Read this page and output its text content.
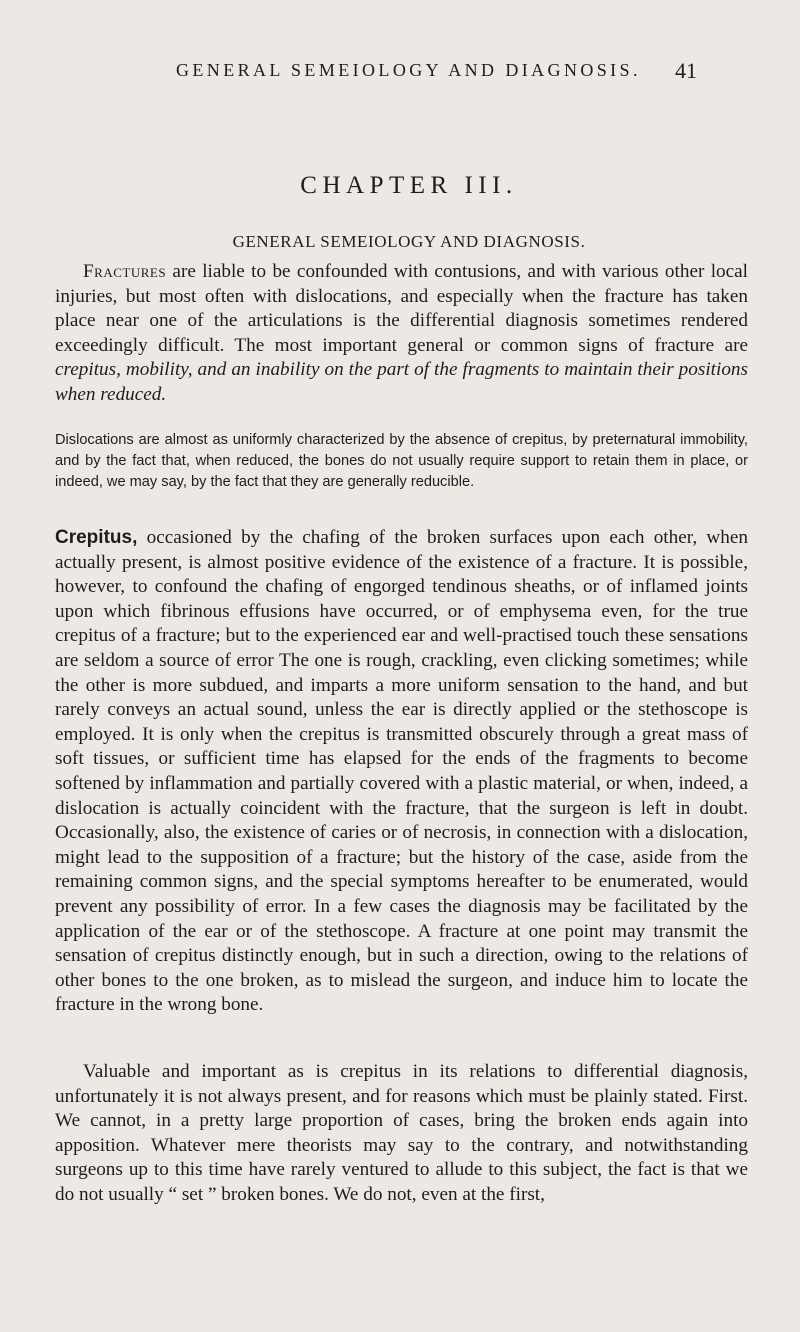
GENERAL SEMEIOLOGY AND DIAGNOSIS. 41
CHAPTER III.
GENERAL SEMEIOLOGY AND DIAGNOSIS.

Fractures are liable to be confounded with contusions, and with various other local injuries, but most often with dislocations, and especially when the fracture has taken place near one of the articulations is the differential diagnosis sometimes rendered exceedingly difficult. The most important general or common signs of fracture are crepitus, mobility, and an inability on the part of the fragments to maintain their positions when reduced.

Dislocations are almost as uniformly characterized by the absence of crepitus, by preternatural immobility, and by the fact that, when reduced, the bones do not usually require support to retain them in place, or indeed, we may say, by the fact that they are generally reducible.

Crepitus, occasioned by the chafing of the broken surfaces upon each other, when actually present, is almost positive evidence of the existence of a fracture. It is possible, however, to confound the chafing of engorged tendinous sheaths, or of inflamed joints upon which fibrinous effusions have occurred, or of emphysema even, for the true crepitus of a fracture; but to the experienced ear and well-practised touch these sensations are seldom a source of error The one is rough, crackling, even clicking sometimes; while the other is more subdued, and imparts a more uniform sensation to the hand, and but rarely conveys an actual sound, unless the ear is directly applied or the stethoscope is employed. It is only when the crepitus is transmitted obscurely through a great mass of soft tissues, or sufficient time has elapsed for the ends of the fragments to become softened by inflammation and partially covered with a plastic material, or when, indeed, a dislocation is actually coincident with the fracture, that the surgeon is left in doubt. Occasionally, also, the existence of caries or of necrosis, in connection with a dislocation, might lead to the supposition of a fracture; but the history of the case, aside from the remaining common signs, and the special symptoms hereafter to be enumerated, would prevent any possibility of error. In a few cases the diagnosis may be facilitated by the application of the ear or of the stethoscope. A fracture at one point may transmit the sensation of crepitus distinctly enough, but in such a direction, owing to the relations of other bones to the one broken, as to mislead the surgeon, and induce him to locate the fracture in the wrong bone.

Valuable and important as is crepitus in its relations to differential diagnosis, unfortunately it is not always present, and for reasons which must be plainly stated. First. We cannot, in a pretty large proportion of cases, bring the broken ends again into apposition. Whatever mere theorists may say to the contrary, and notwithstanding surgeons up to this time have rarely ventured to allude to this subject, the fact is that we do not usually “ set ” broken bones. We do not, even at the first,
